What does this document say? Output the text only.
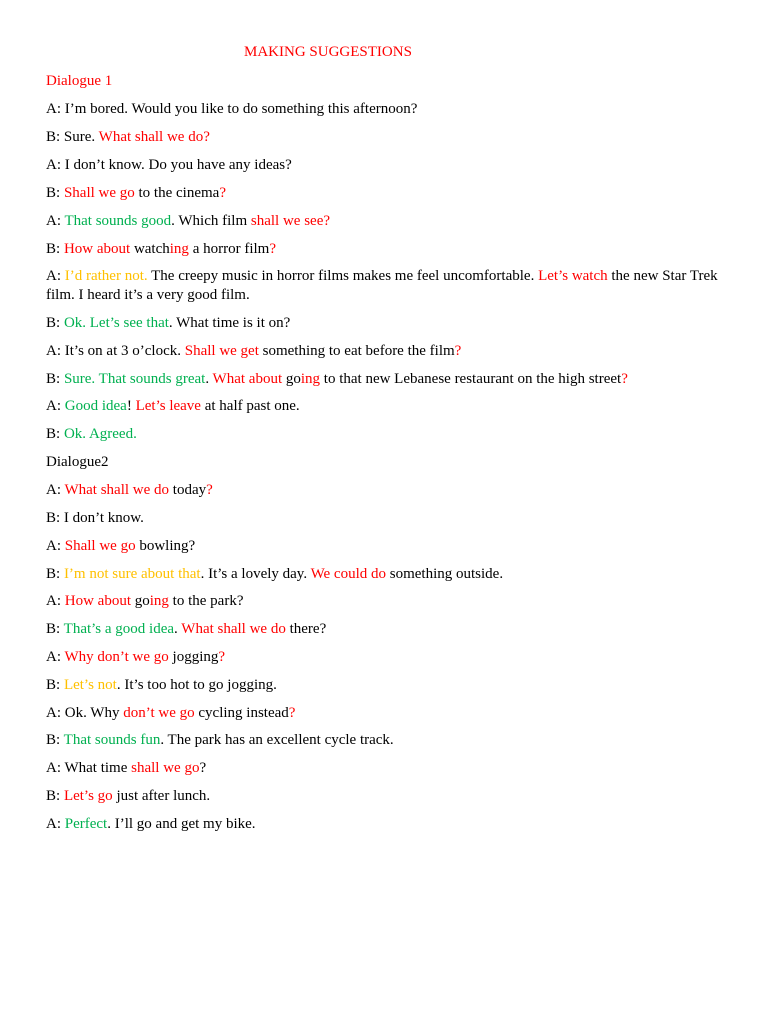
MAKING SUGGESTIONS
Dialogue 1
A: I’m bored. Would you like to do something this afternoon?
B: Sure. What shall we do?
A: I don’t know. Do you have any ideas?
B: Shall we go to the cinema?
A: That sounds good. Which film shall we see?
B: How about watching a horror film?
A: I’d rather not. The creepy music in horror films makes me feel uncomfortable. Let’s watch the new Star Trek film. I heard it’s a very good film.
B: Ok. Let’s see that. What time is it on?
A: It’s on at 3 o’clock. Shall we get something to eat before the film?
B: Sure. That sounds great. What about going to that new Lebanese restaurant on the high street?
A: Good idea! Let’s leave at half past one.
B: Ok. Agreed.
Dialogue2
A: What shall we do today?
B: I don’t know.
A: Shall we go bowling?
B: I’m not sure about that. It’s a lovely day. We could do something outside.
A: How about going to the park?
B: That’s a good idea. What shall we do there?
A: Why don’t we go jogging?
B: Let’s not. It’s too hot to go jogging.
A: Ok. Why don’t we go cycling instead?
B: That sounds fun. The park has an excellent cycle track.
A: What time shall we go?
B: Let’s go just after lunch.
A: Perfect. I’ll go and get my bike.
